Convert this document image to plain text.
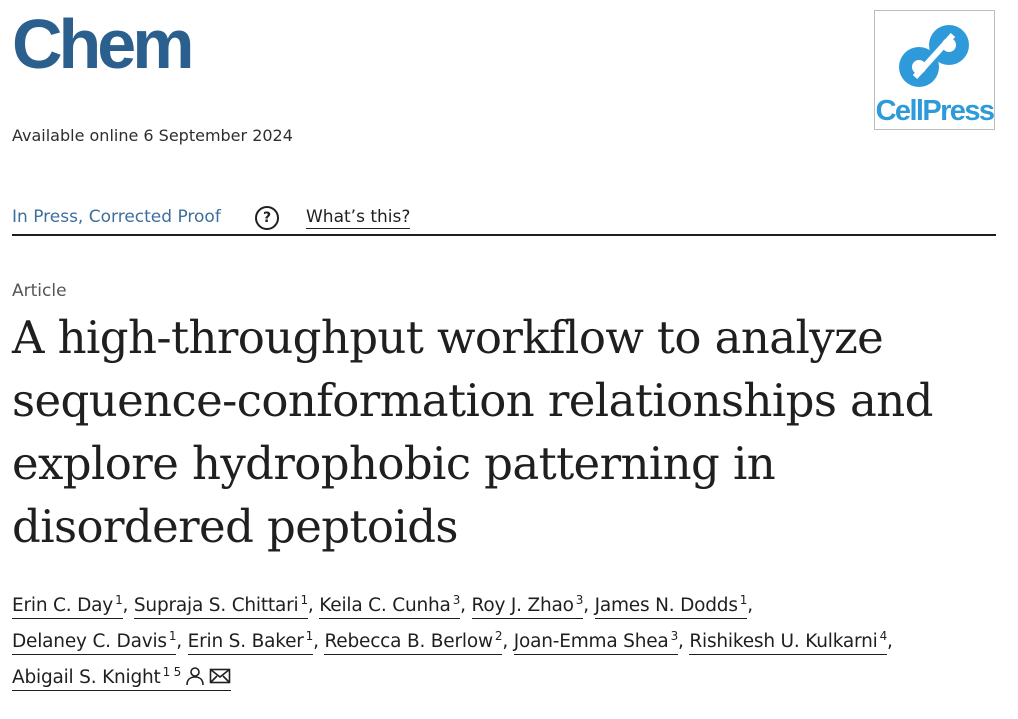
Chem
Available online 6 September 2024
CellPress
In Press, Corrected Proof	?	What’s this?
Article
A high-throughput workflow to analyze sequence-conformation relationships and explore hydrophobic patterning in disordered peptoids
Erin C. Day $^1$, Supraja S. Chittari $^1$, Keila C. Cunha $^3$, Roy J. Zhao $^3$, James N. Dodds $^1$,
Delaney C. Davis $^1$, Erin S. Baker $^1$, Rebecca B. Berlow $^2$, Joan-Emma Shea $^3$, Rishikesh U. Kulkarni $^4$,
Abigail S. Knight $^{1 5}$
